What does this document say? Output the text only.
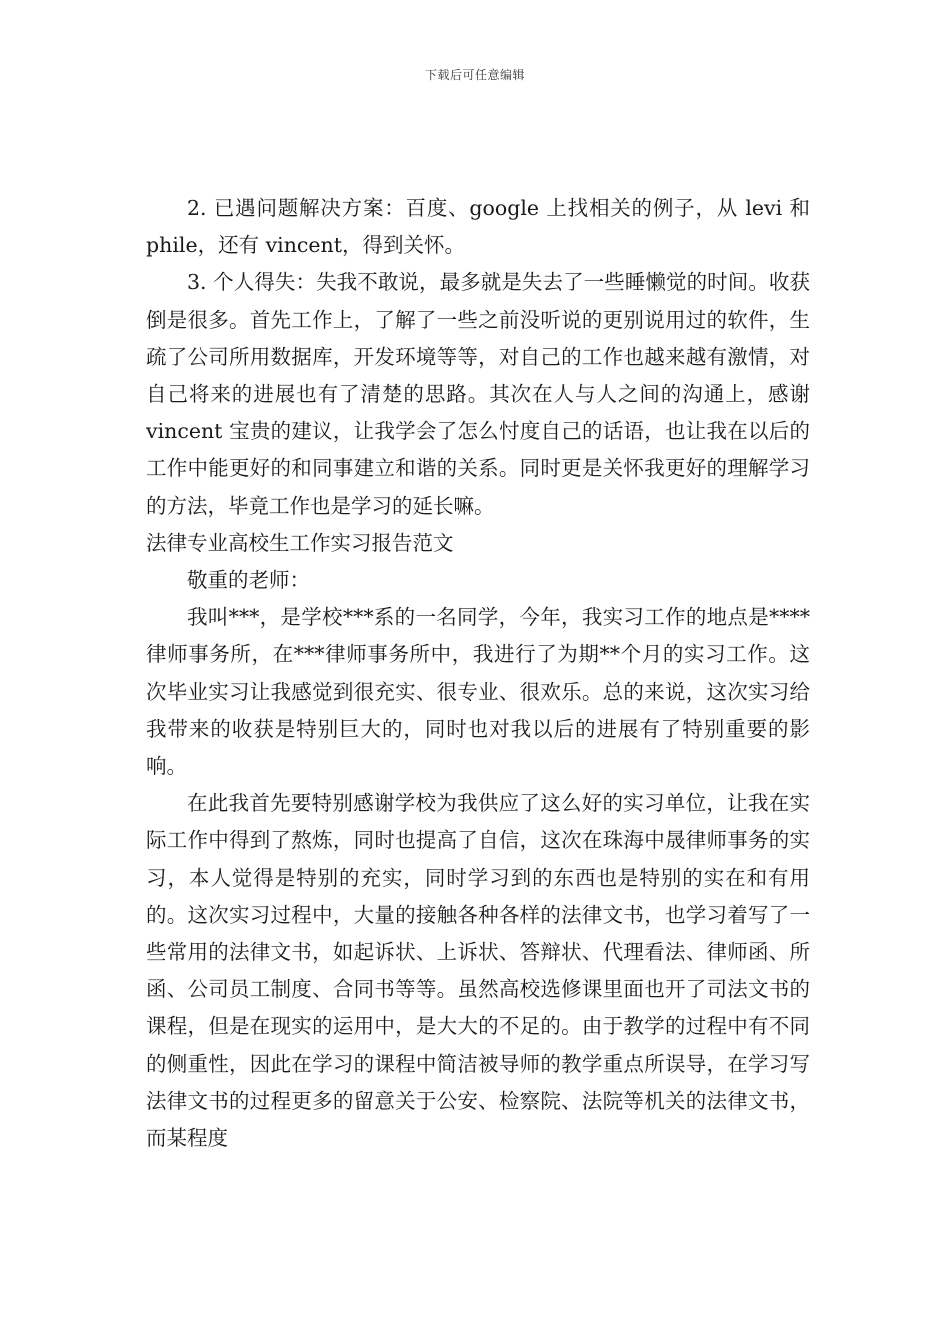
下载后可任意编辑

2. 已遇问题解决方案：百度、google 上找相关的例子，从 levi 和 phile，还有 vincent，得到关怀。

3. 个人得失：失我不敢说，最多就是失去了一些睡懒觉的时间。收获倒是很多。首先工作上，了解了一些之前没听说的更别说用过的软件，生疏了公司所用数据库，开发环境等等，对自己的工作也越来越有激情，对自己将来的进展也有了清楚的思路。其次在人与人之间的沟通上，感谢 vincent 宝贵的建议，让我学会了怎么忖度自己的话语，也让我在以后的工作中能更好的和同事建立和谐的关系。同时更是关怀我更好的理解学习的方法，毕竟工作也是学习的延长嘛。

法律专业高校生工作实习报告范文

敬重的老师：

我叫***，是学校***系的一名同学，今年，我实习工作的地点是****律师事务所，在***律师事务所中，我进行了为期**个月的实习工作。这次毕业实习让我感觉到很充实、很专业、很欢乐。总的来说，这次实习给我带来的收获是特别巨大的，同时也对我以后的进展有了特别重要的影响。

在此我首先要特别感谢学校为我供应了这么好的实习单位，让我在实际工作中得到了熬炼，同时也提高了自信，这次在珠海中晟律师事务的实习，本人觉得是特别的充实，同时学习到的东西也是特别的实在和有用的。这次实习过程中，大量的接触各种各样的法律文书，也学习着写了一些常用的法律文书，如起诉状、上诉状、答辩状、代理看法、律师函、所函、公司员工制度、合同书等等。虽然高校选修课里面也开了司法文书的课程，但是在现实的运用中，是大大的不足的。由于教学的过程中有不同的侧重性，因此在学习的课程中简洁被导师的教学重点所误导，在学习写法律文书的过程更多的留意关于公安、检察院、法院等机关的法律文书，而某程度
